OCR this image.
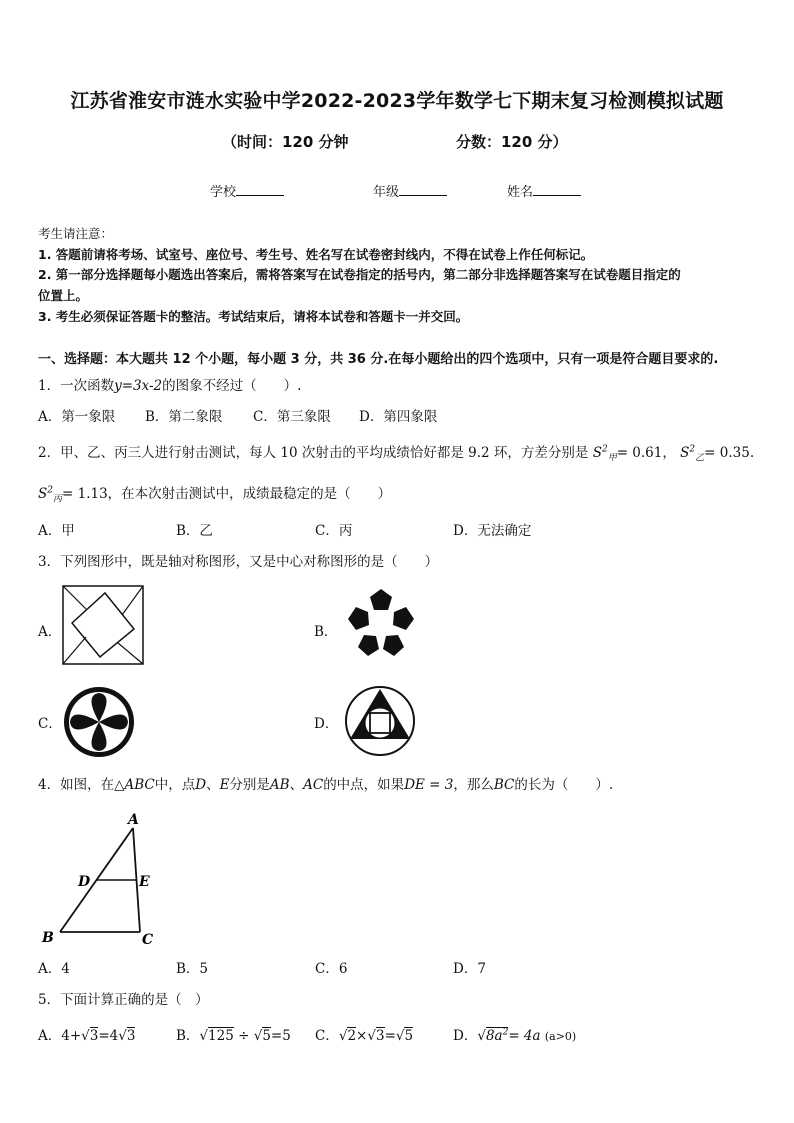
江苏省淮安市涟水实验中学2022-2023学年数学七下期末复习检测模拟试题
（时间：120 分钟	分数：120 分）
学校	年级	姓名
考生请注意：
1. 答题前请将考场、试室号、座位号、考生号、姓名写在试卷密封线内，不得在试卷上作任何标记。
2. 第一部分选择题每小题选出答案后，需将答案写在试卷指定的括号内，第二部分非选择题答案写在试卷题目指定的
位置上。
3. 考生必须保证答题卡的整洁。考试结束后，请将本试卷和答题卡一并交回。
一、选择题：本大题共 12 个小题，每小题 3 分，共 36 分.在每小题给出的四个选项中，只有一项是符合题目要求的.
1．一次函数y=3x-2的图象不经过（　　）.
A．第一象限 B．第二象限 C．第三象限 D．第四象限
2．甲、乙、丙三人进行射击测试，每人 10 次射击的平均成绩恰好都是 9.2 环，方差分别是 $S^2_甲= 0.61$， $S^2_乙= 0.35$.
$S^2_丙= 1.13$，在本次射击测试中，成绩最稳定的是（　　）
A．甲	B．乙	C．丙	D．无法确定
3．下列图形中，既是轴对称图形，又是中心对称图形的是（　　）
A．	B．
C．	D．
4．如图，在△ABC中，点D、E分别是AB、AC的中点，如果DE = 3，那么BC的长为（　　）.
A
D	E
B	C
A．4	B．5	C．6	D．7
5．下面计算正确的是（　）
A．4+√3=4√3	B．√125 ÷ √5=5 C．√2×√3=√5	D．$√8a^2= 4a$ (a>0)
